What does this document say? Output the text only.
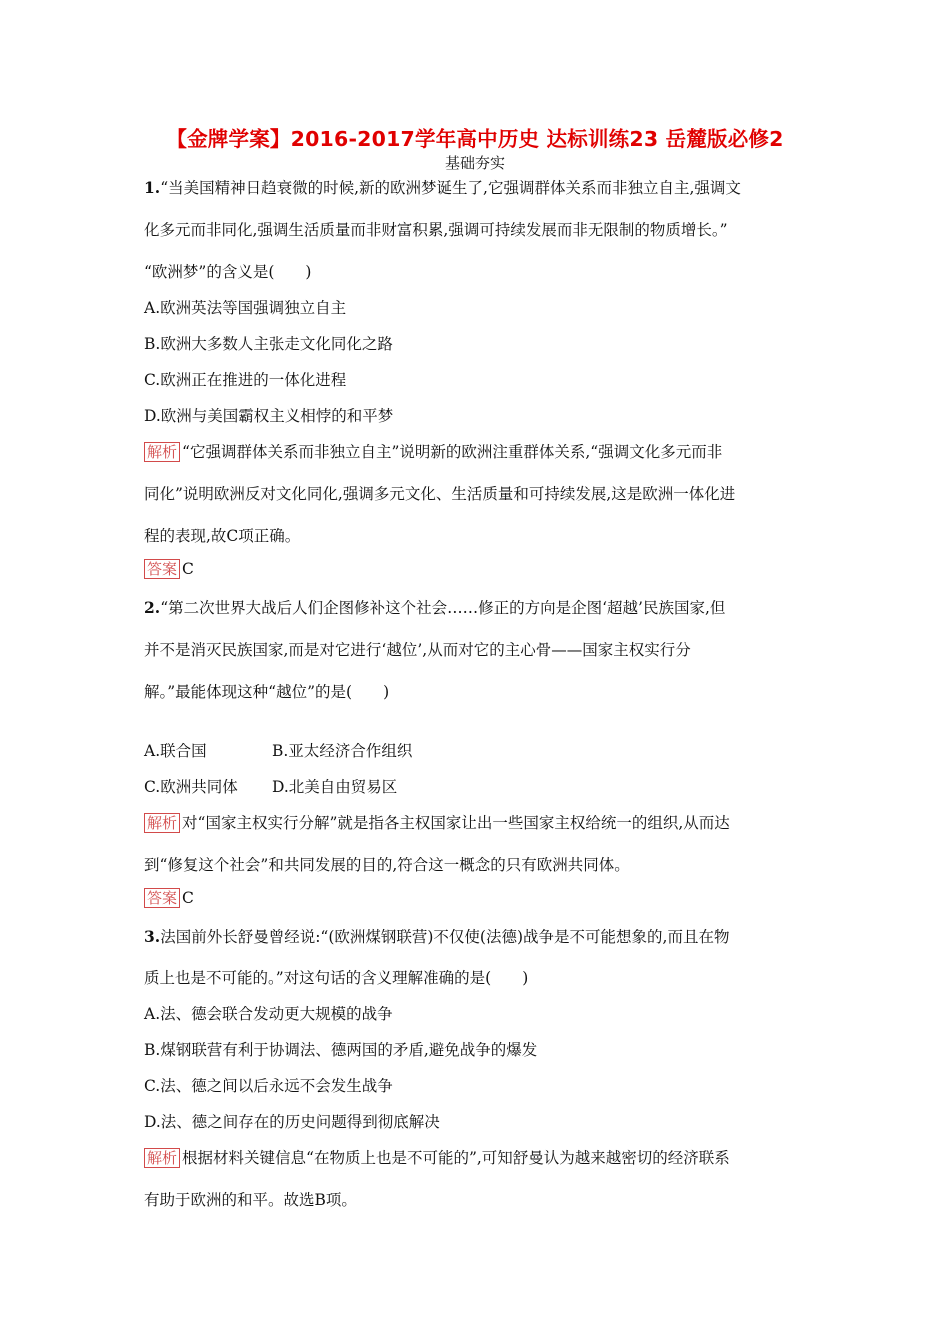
【金牌学案】2016-2017学年高中历史 达标训练23 岳麓版必修2
基础夯实
1.“当美国精神日趋衰微的时候,新的欧洲梦诞生了,它强调群体关系而非独立自主,强调文
化多元而非同化,强调生活质量而非财富积累,强调可持续发展而非无限制的物质增长。”
“欧洲梦”的含义是(　　)
A.欧洲英法等国强调独立自主
B.欧洲大多数人主张走文化同化之路
C.欧洲正在推进的一体化进程
D.欧洲与美国霸权主义相悖的和平梦
解析 “它强调群体关系而非独立自主”说明新的欧洲注重群体关系,“强调文化多元而非
同化”说明欧洲反对文化同化,强调多元文化、生活质量和可持续发展,这是欧洲一体化进
程的表现,故C项正确。
答案 C
2.“第二次世界大战后人们企图修补这个社会……修正的方向是企图‘超越’民族国家,但
并不是消灭民族国家,而是对它进行‘越位’,从而对它的主心骨——国家主权实行分
解。”最能体现这种“越位”的是(　　)
A.联合国	B.亚太经济合作组织
C.欧洲共同体 D.北美自由贸易区
解析 对“国家主权实行分解”就是指各主权国家让出一些国家主权给统一的组织,从而达
到“修复这个社会”和共同发展的目的,符合这一概念的只有欧洲共同体。
答案 C
3.法国前外长舒曼曾经说:“(欧洲煤钢联营)不仅使(法德)战争是不可能想象的,而且在物
质上也是不可能的。”对这句话的含义理解准确的是(　　)
A.法、德会联合发动更大规模的战争
B.煤钢联营有利于协调法、德两国的矛盾,避免战争的爆发
C.法、德之间以后永远不会发生战争
D.法、德之间存在的历史问题得到彻底解决
解析 根据材料关键信息“在物质上也是不可能的”,可知舒曼认为越来越密切的经济联系
有助于欧洲的和平。故选B项。
